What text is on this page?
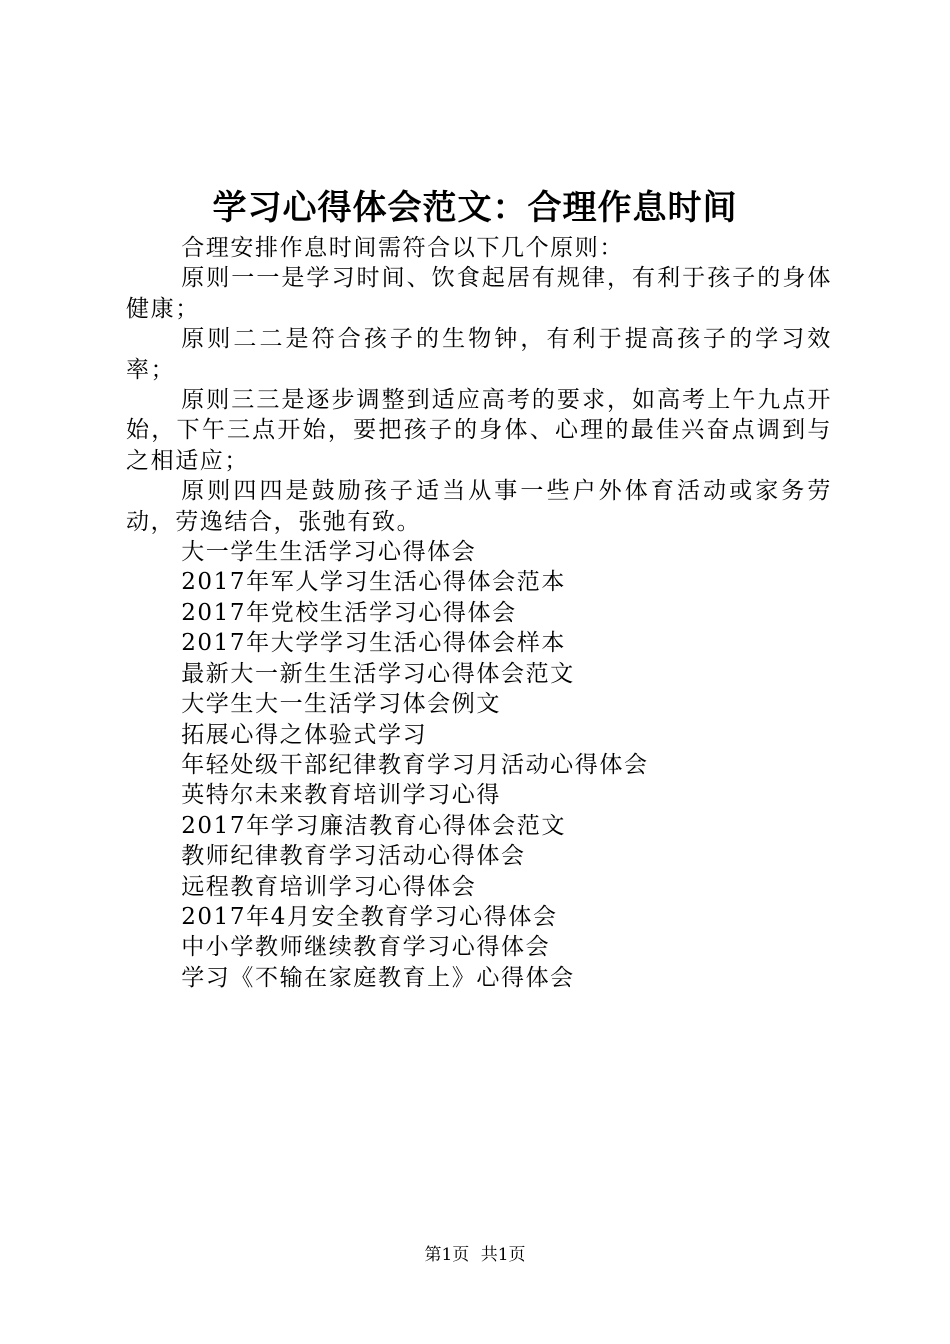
学习心得体会范文：合理作息时间

合理安排作息时间需符合以下几个原则：

原则一一是学习时间、饮食起居有规律，有利于孩子的身体健康；

原则二二是符合孩子的生物钟，有利于提高孩子的学习效率；

原则三三是逐步调整到适应高考的要求，如高考上午九点开始，下午三点开始，要把孩子的身体、心理的最佳兴奋点调到与之相适应；

原则四四是鼓励孩子适当从事一些户外体育活动或家务劳动，劳逸结合，张弛有致。

大一学生生活学习心得体会
2017年军人学习生活心得体会范本
2017年党校生活学习心得体会
2017年大学学习生活心得体会样本
最新大一新生生活学习心得体会范文
大学生大一生活学习体会例文
拓展心得之体验式学习
年轻处级干部纪律教育学习月活动心得体会
英特尔未来教育培训学习心得
2017年学习廉洁教育心得体会范文
教师纪律教育学习活动心得体会
远程教育培训学习心得体会
2017年4月安全教育学习心得体会
中小学教师继续教育学习心得体会
学习《不输在家庭教育上》心得体会
第1页 共1页
